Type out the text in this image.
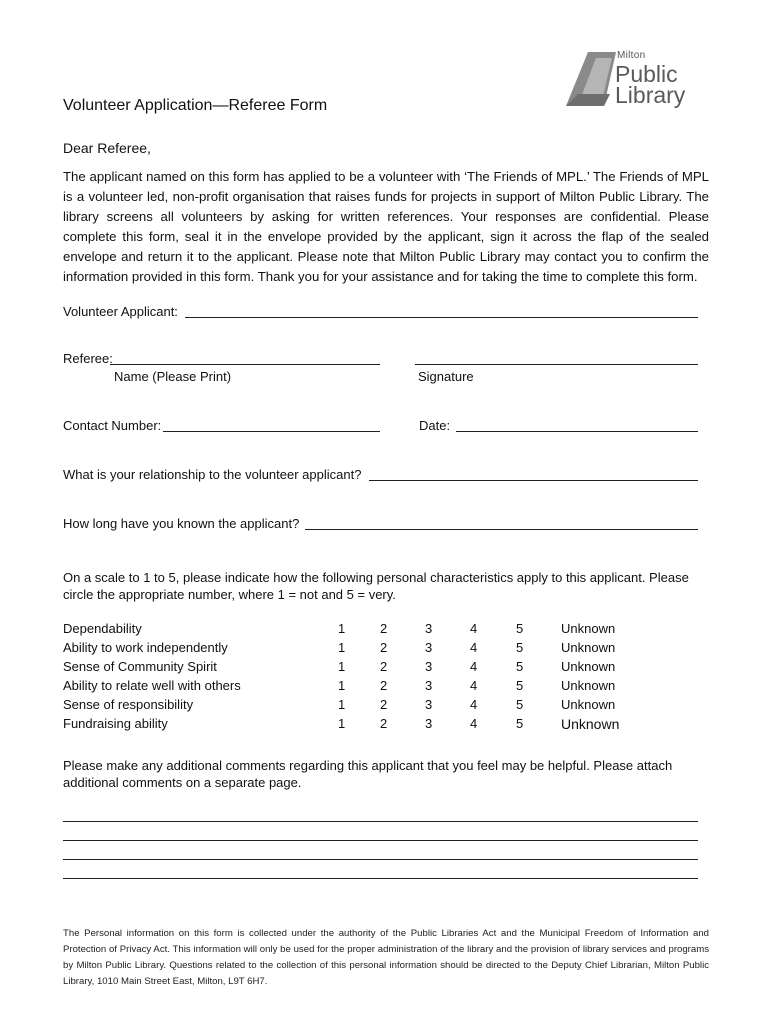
Milton
Public
Library
Volunteer Application—Referee Form
Dear Referee,
The applicant named on this form has applied to be a volunteer with ‘The Friends of MPL.’ The Friends of MPL is a volunteer led, non-profit organisation that raises funds for projects in support of Milton Public Library. The library screens all volunteers by asking for written references. Your responses are confidential. Please complete this form, seal it in the envelope provided by the applicant, sign it across the flap of the sealed envelope and return it to the applicant. Please note that Milton Public Library may contact you to confirm the information provided in this form. Thank you for your assistance and for taking the time to complete this form.
Volunteer Applicant:
Referee:
Name (Please Print)	Signature
Contact Number:	Date:
What is your relationship to the volunteer applicant?
How long have you known the applicant?
On a scale to 1 to 5, please indicate how the following personal characteristics apply to this applicant. Please circle the appropriate number, where 1 = not and 5 = very.
Dependability	1	2	3	4	5	Unknown
Ability to work independently	1	2	3	4	5	Unknown
Sense of Community Spirit	1	2	3	4	5	Unknown
Ability to relate well with others	1	2	3	4	5	Unknown
Sense of responsibility	1	2	3	4	5	Unknown
Fundraising ability	1	2	3	4	5	Unknown
Please make any additional comments regarding this applicant that you feel may be helpful. Please attach additional comments on a separate page.
The Personal information on this form is collected under the authority of the Public Libraries Act and the Municipal Freedom of Information and Protection of Privacy Act. This information will only be used for the proper administration of the library and the provision of library services and programs by Milton Public Library. Questions related to the collection of this personal information should be directed to the Deputy Chief Librarian, Milton Public Library, 1010 Main Street East, Milton, L9T 6H7.
